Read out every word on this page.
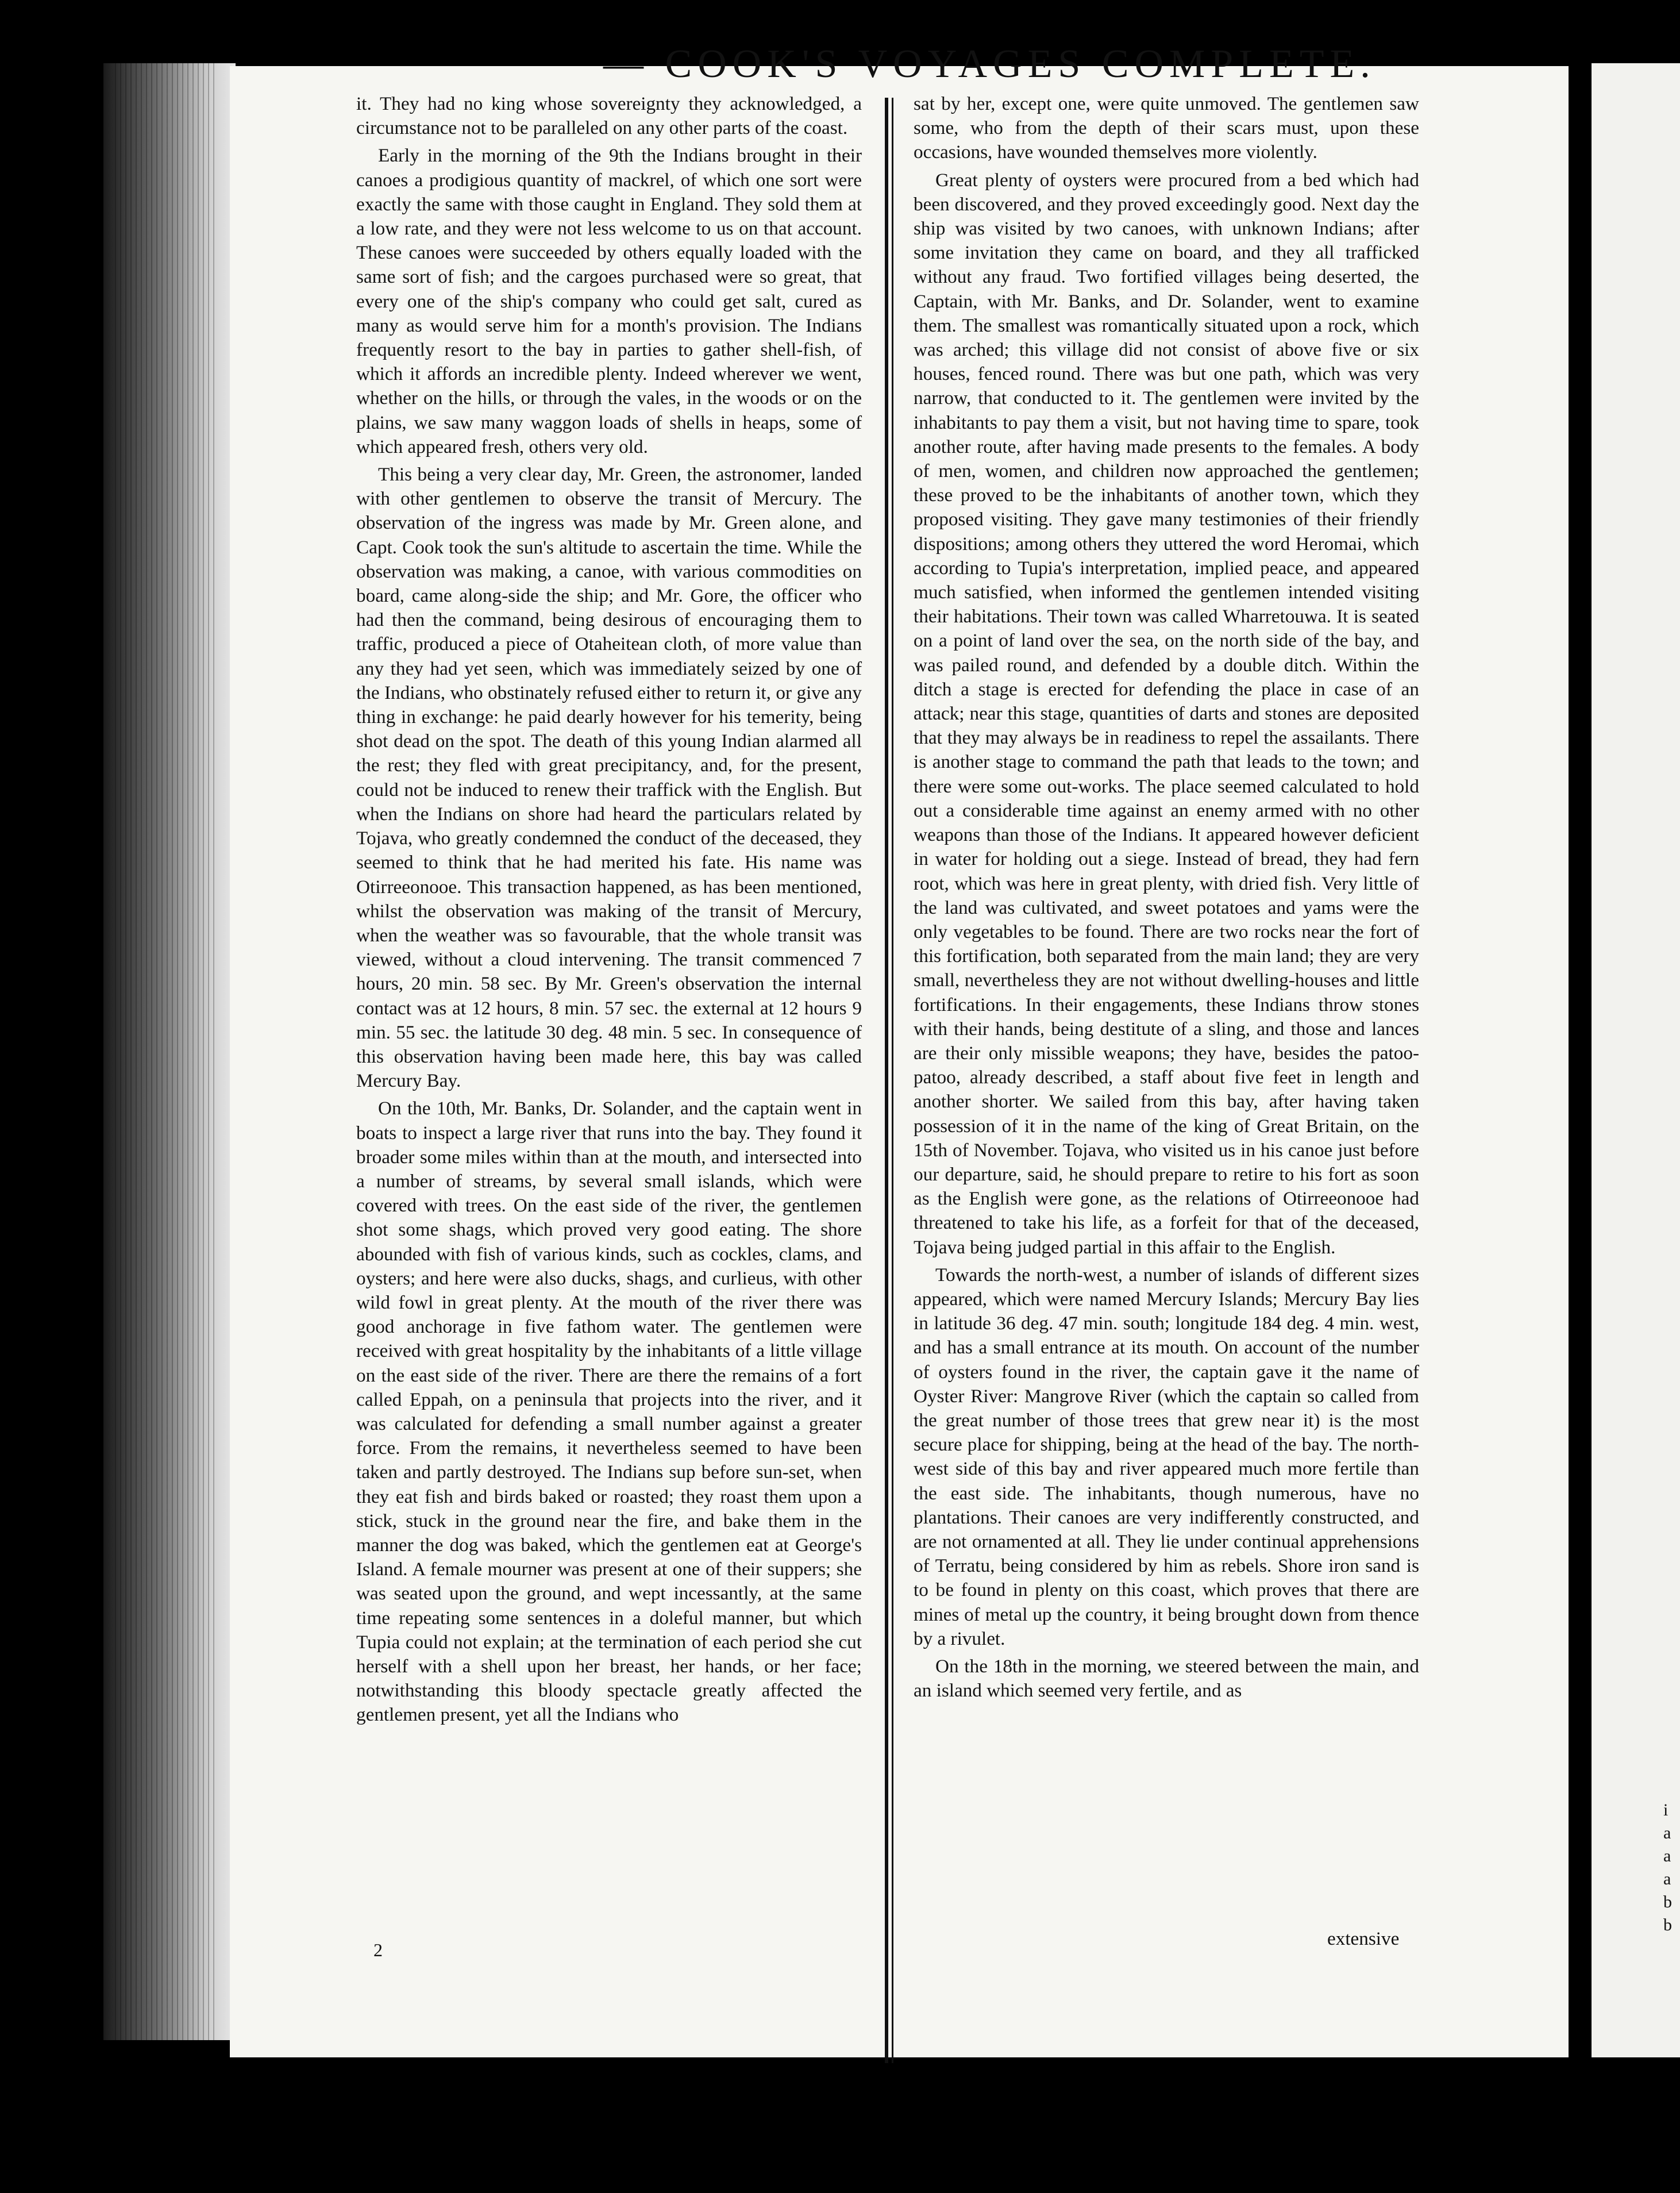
— COOK'S VOYAGES COMPLETE.

it. They had no king whose sovereignty they acknowledged, a circumstance not to be paralleled on any other parts of the coast.

Early in the morning of the 9th the Indians brought in their canoes a prodigious quantity of mackrel, of which one sort were exactly the same with those caught in England. They sold them at a low rate, and they were not less welcome to us on that account. These canoes were succeeded by others equally loaded with the same sort of fish; and the cargoes purchased were so great, that every one of the ship's company who could get salt, cured as many as would serve him for a month's provision. The Indians frequently resort to the bay in parties to gather shell-fish, of which it affords an incredible plenty. Indeed wherever we went, whether on the hills, or through the vales, in the woods or on the plains, we saw many waggon loads of shells in heaps, some of which appeared fresh, others very old.

This being a very clear day, Mr. Green, the astronomer, landed with other gentlemen to observe the transit of Mercury. The observation of the ingress was made by Mr. Green alone, and Capt. Cook took the sun's altitude to ascertain the time. While the observation was making, a canoe, with various commodities on board, came along-side the ship; and Mr. Gore, the officer who had then the command, being desirous of encouraging them to traffic, produced a piece of Otaheitean cloth, of more value than any they had yet seen, which was immediately seized by one of the Indians, who obstinately refused either to return it, or give any thing in exchange: he paid dearly however for his temerity, being shot dead on the spot. The death of this young Indian alarmed all the rest; they fled with great precipitancy, and, for the present, could not be induced to renew their traffick with the English. But when the Indians on shore had heard the particulars related by Tojava, who greatly condemned the conduct of the deceased, they seemed to think that he had merited his fate. His name was Otirreeonooe. This transaction happened, as has been mentioned, whilst the observation was making of the transit of Mercury, when the weather was so favourable, that the whole transit was viewed, without a cloud intervening. The transit commenced 7 hours, 20 min. 58 sec. By Mr. Green's observation the internal contact was at 12 hours, 8 min. 57 sec. the external at 12 hours 9 min. 55 sec. the latitude 30 deg. 48 min. 5 sec. In consequence of this observation having been made here, this bay was called Mercury Bay.

On the 10th, Mr. Banks, Dr. Solander, and the captain went in boats to inspect a large river that runs into the bay. They found it broader some miles within than at the mouth, and intersected into a number of streams, by several small islands, which were covered with trees. On the east side of the river, the gentlemen shot some shags, which proved very good eating. The shore abounded with fish of various kinds, such as cockles, clams, and oysters; and here were also ducks, shags, and curlieus, with other wild fowl in great plenty. At the mouth of the river there was good anchorage in five fathom water. The gentlemen were received with great hospitality by the inhabitants of a little village on the east side of the river. There are there the remains of a fort called Eppah, on a peninsula that projects into the river, and it was calculated for defending a small number against a greater force. From the remains, it nevertheless seemed to have been taken and partly destroyed. The Indians sup before sun-set, when they eat fish and birds baked or roasted; they roast them upon a stick, stuck in the ground near the fire, and bake them in the manner the dog was baked, which the gentlemen eat at George's Island. A female mourner was present at one of their suppers; she was seated upon the ground, and wept incessantly, at the same time repeating some sentences in a doleful manner, but which Tupia could not explain; at the termination of each period she cut herself with a shell upon her breast, her hands, or her face; notwithstanding this bloody spectacle greatly affected the gentlemen present, yet all the Indians who

sat by her, except one, were quite unmoved. The gentlemen saw some, who from the depth of their scars must, upon these occasions, have wounded themselves more violently.

Great plenty of oysters were procured from a bed which had been discovered, and they proved exceedingly good. Next day the ship was visited by two canoes, with unknown Indians; after some invitation they came on board, and they all trafficked without any fraud. Two fortified villages being deserted, the Captain, with Mr. Banks, and Dr. Solander, went to examine them. The smallest was romantically situated upon a rock, which was arched; this village did not consist of above five or six houses, fenced round. There was but one path, which was very narrow, that conducted to it. The gentlemen were invited by the inhabitants to pay them a visit, but not having time to spare, took another route, after having made presents to the females. A body of men, women, and children now approached the gentlemen; these proved to be the inhabitants of another town, which they proposed visiting. They gave many testimonies of their friendly dispositions; among others they uttered the word Heromai, which according to Tupia's interpretation, implied peace, and appeared much satisfied, when informed the gentlemen intended visiting their habitations. Their town was called Wharretouwa. It is seated on a point of land over the sea, on the north side of the bay, and was pailed round, and defended by a double ditch. Within the ditch a stage is erected for defending the place in case of an attack; near this stage, quantities of darts and stones are deposited that they may always be in readiness to repel the assailants. There is another stage to command the path that leads to the town; and there were some out-works. The place seemed calculated to hold out a considerable time against an enemy armed with no other weapons than those of the Indians. It appeared however deficient in water for holding out a siege. Instead of bread, they had fern root, which was here in great plenty, with dried fish. Very little of the land was cultivated, and sweet potatoes and yams were the only vegetables to be found. There are two rocks near the fort of this fortification, both separated from the main land; they are very small, nevertheless they are not without dwelling-houses and little fortifications. In their engagements, these Indians throw stones with their hands, being destitute of a sling, and those and lances are their only missible weapons; they have, besides the patoo-patoo, already described, a staff about five feet in length and another shorter. We sailed from this bay, after having taken possession of it in the name of the king of Great Britain, on the 15th of November. Tojava, who visited us in his canoe just before our departure, said, he should prepare to retire to his fort as soon as the English were gone, as the relations of Otirreeonooe had threatened to take his life, as a forfeit for that of the deceased, Tojava being judged partial in this affair to the English.

Towards the north-west, a number of islands of different sizes appeared, which were named Mercury Islands; Mercury Bay lies in latitude 36 deg. 47 min. south; longitude 184 deg. 4 min. west, and has a small entrance at its mouth. On account of the number of oysters found in the river, the captain gave it the name of Oyster River: Mangrove River (which the captain so called from the great number of those trees that grew near it) is the most secure place for shipping, being at the head of the bay. The north-west side of this bay and river appeared much more fertile than the east side. The inhabitants, though numerous, have no plantations. Their canoes are very indifferently constructed, and are not ornamented at all. They lie under continual apprehensions of Terratu, being considered by him as rebels. Shore iron sand is to be found in plenty on this coast, which proves that there are mines of metal up the country, it being brought down from thence by a rivulet.

On the 18th in the morning, we steered between the main, and an island which seemed very fertile, and as

2
extensive
i
a
a
a
b
b
